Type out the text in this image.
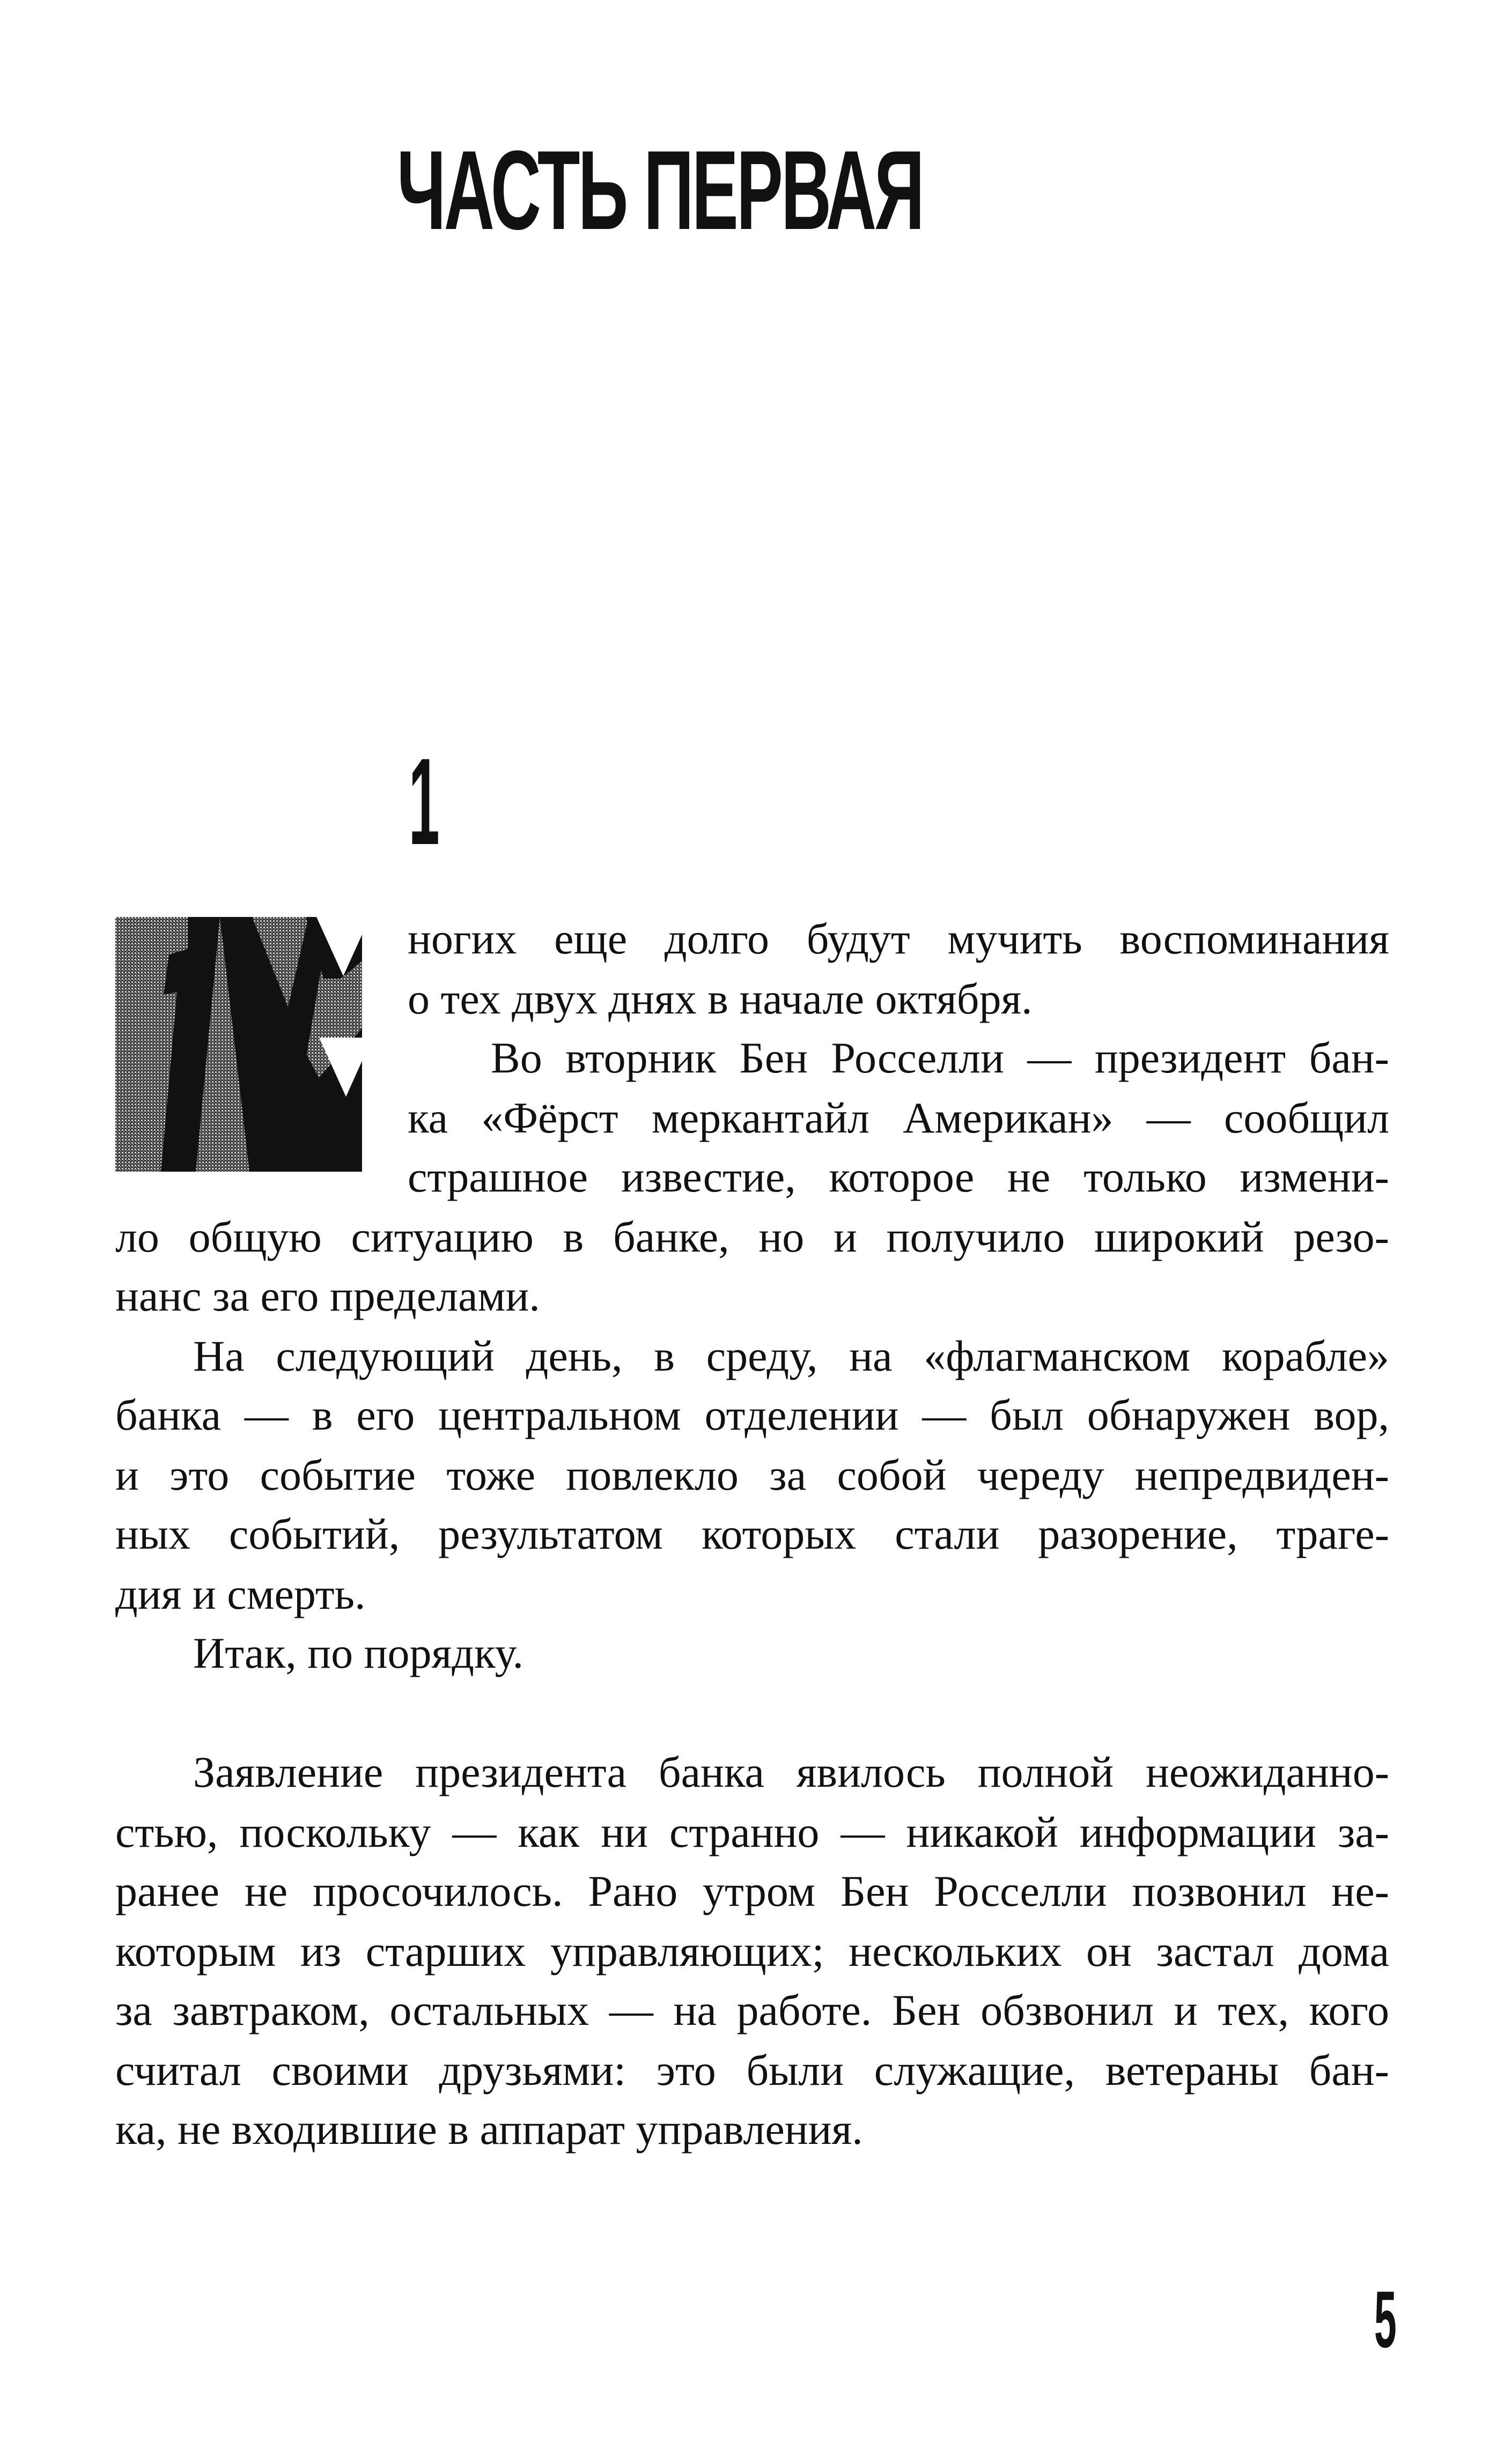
ЧАСТЬ ПЕРВАЯ
1
ногих еще долго будут мучить воспоминания
о тех двух днях в начале октября.
Во вторник Бен Росселли — президент бан-
ка «Фёрст меркантайл Американ» — сообщил
страшное известие, которое не только измени-
ло общую ситуацию в банке, но и получило широкий резо-
нанс за его пределами.
На следующий день, в среду, на «флагманском корабле»
банка — в его центральном отделении — был обнаружен вор,
и это событие тоже повлекло за собой череду непредвиден-
ных событий, результатом которых стали разорение, траге-
дия и смерть.
Итак, по порядку.
Заявление президента банка явилось полной неожиданно-
стью, поскольку — как ни странно — никакой информации за-
ранее не просочилось. Рано утром Бен Росселли позвонил не-
которым из старших управляющих; нескольких он застал дома
за завтраком, остальных — на работе. Бен обзвонил и тех, кого
считал своими друзьями: это были служащие, ветераны бан-
ка, не входившие в аппарат управления.
5
